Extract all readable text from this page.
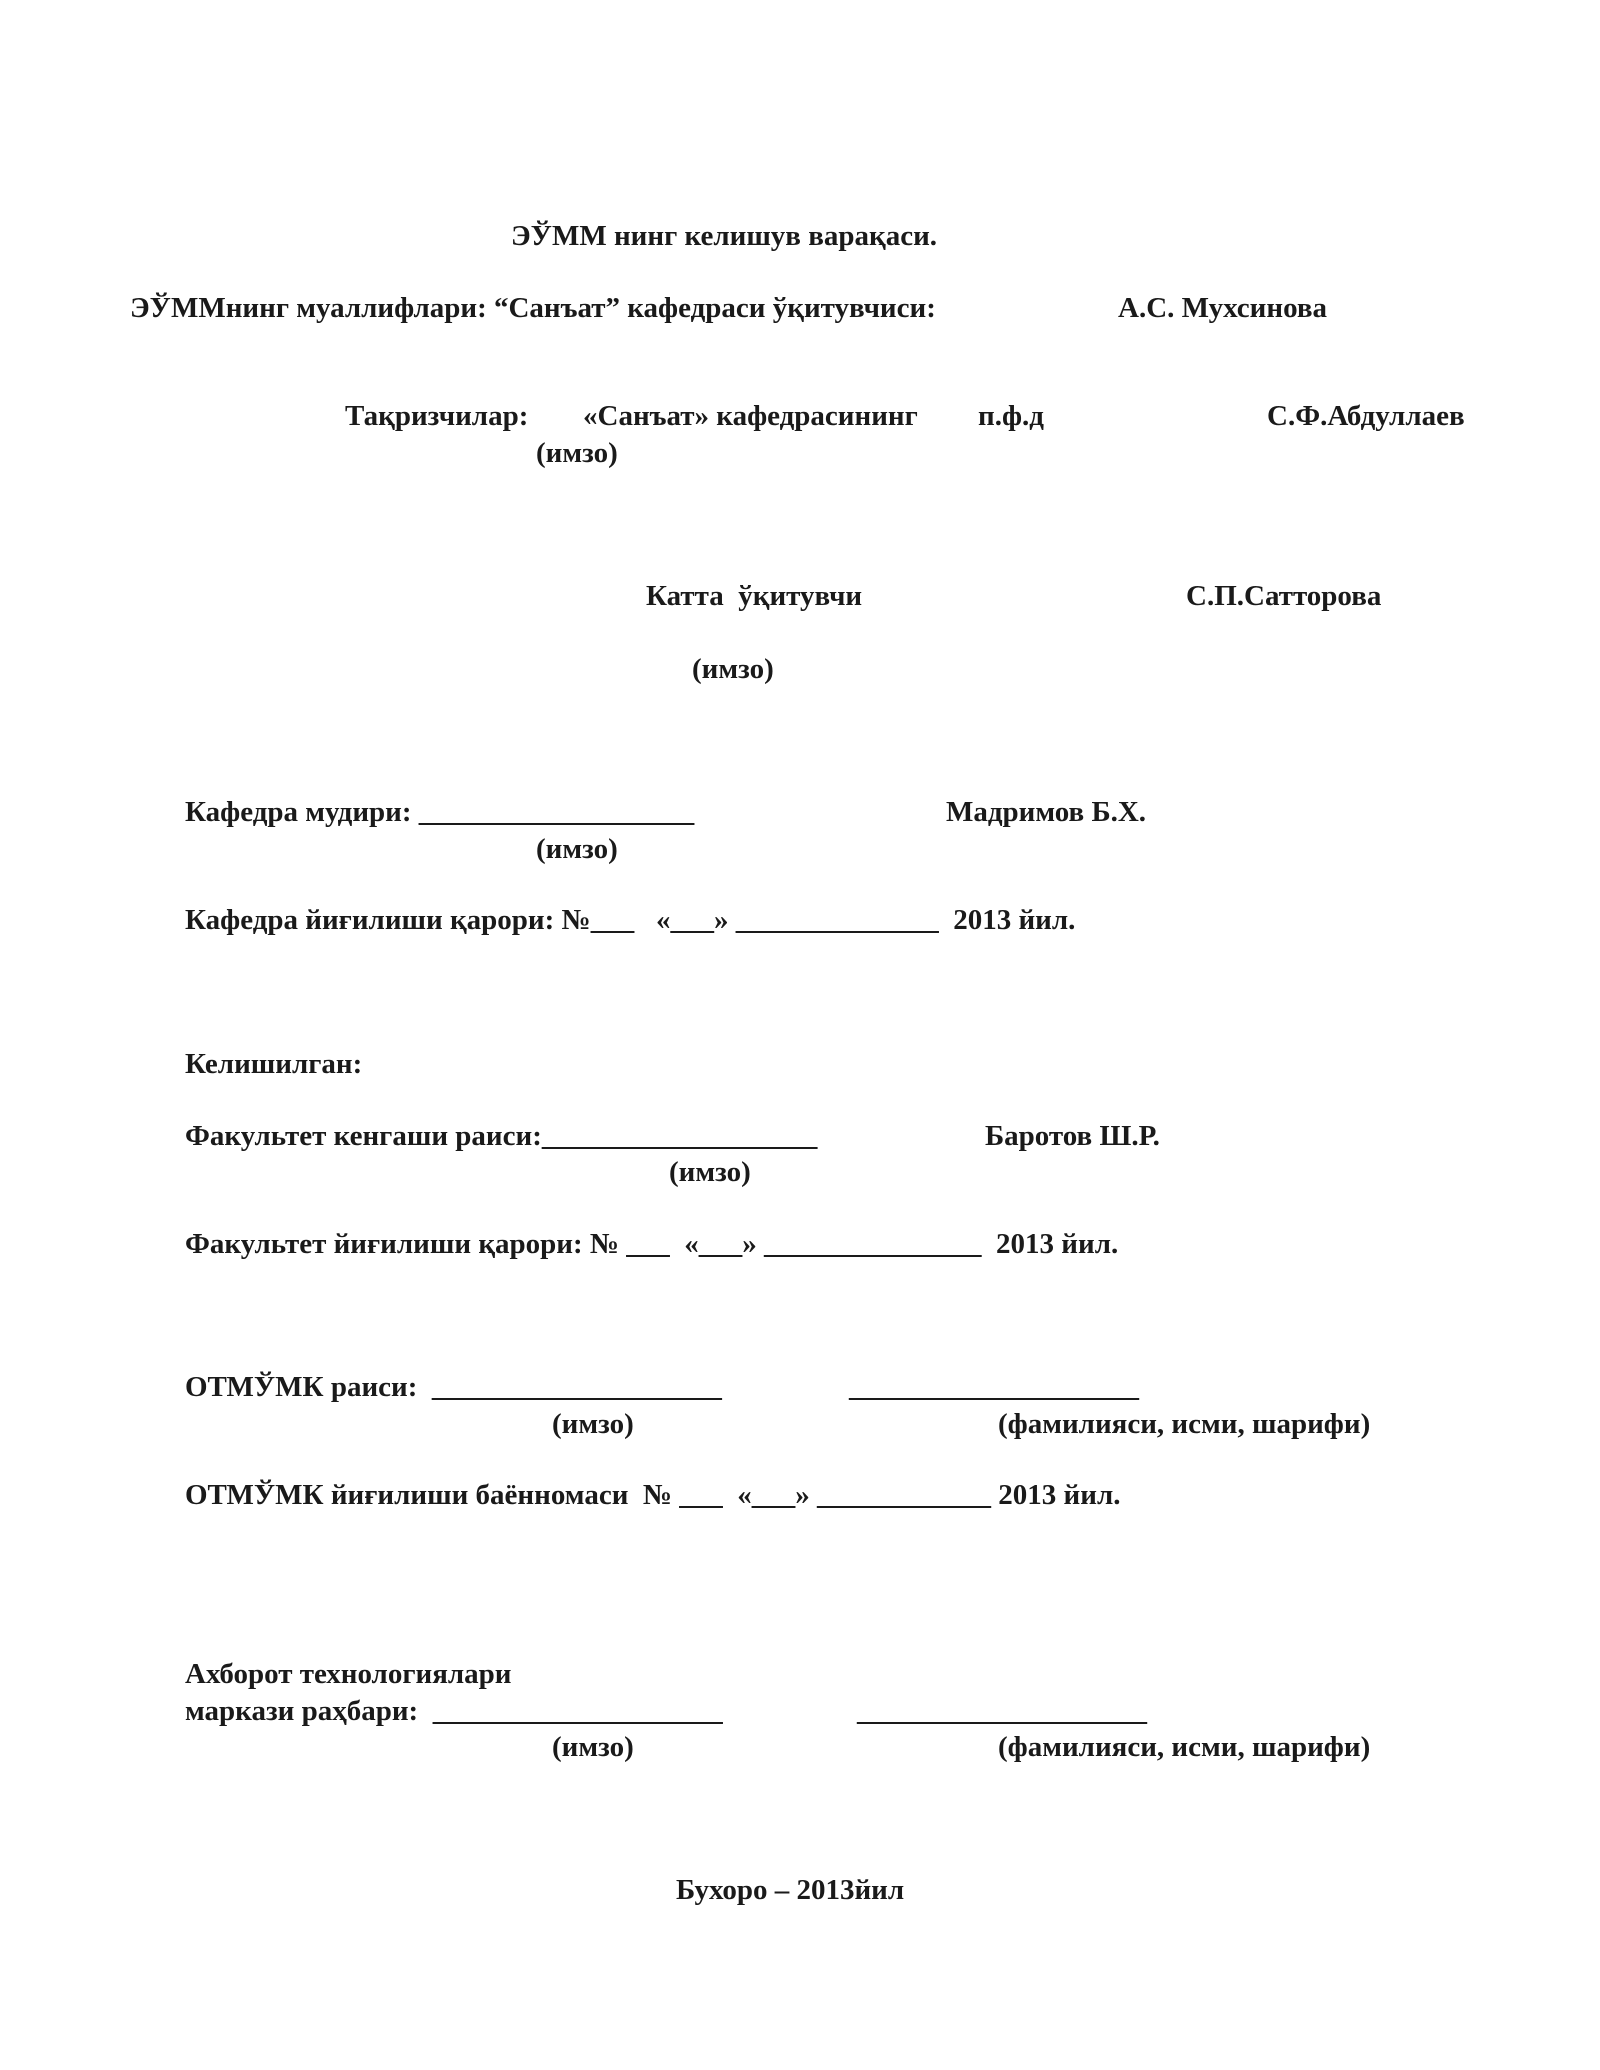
ЭЎММ нинг келишув варақаси.
ЭЎММнинг муаллифлари: “Санъат” кафедраси ўқитувчиси:	А.С. Мухсинова
Тақризчилар: «Санъат» кафедрасининг п.ф.д	С.Ф.Абдуллаев
(имзо)
Катта  ўқитувчи	С.П.Сатторова
(имзо)
Кафедра мудири: ___________________	Мадримов Б.Х.
(имзо)
Кафедра йиғилиши қарори: №___   «___» ______________  2013 йил.
Келишилган:
Факультет кенгаши раиси:___________________	Баротов Ш.Р.
(имзо)
Факультет йиғилиши қарори: № ___  «___» _______________  2013 йил.
ОТМЎМК раиси:  ____________________	____________________
(имзо)	(фамилияси, исми, шарифи)
ОТМЎМК йиғилиши баённомаси  № ___  «___» ____________ 2013 йил.
Ахборот технологиялари
маркази раҳбари:  ____________________	____________________
(имзо)	(фамилияси, исми, шарифи)
Бухоро – 2013йил
